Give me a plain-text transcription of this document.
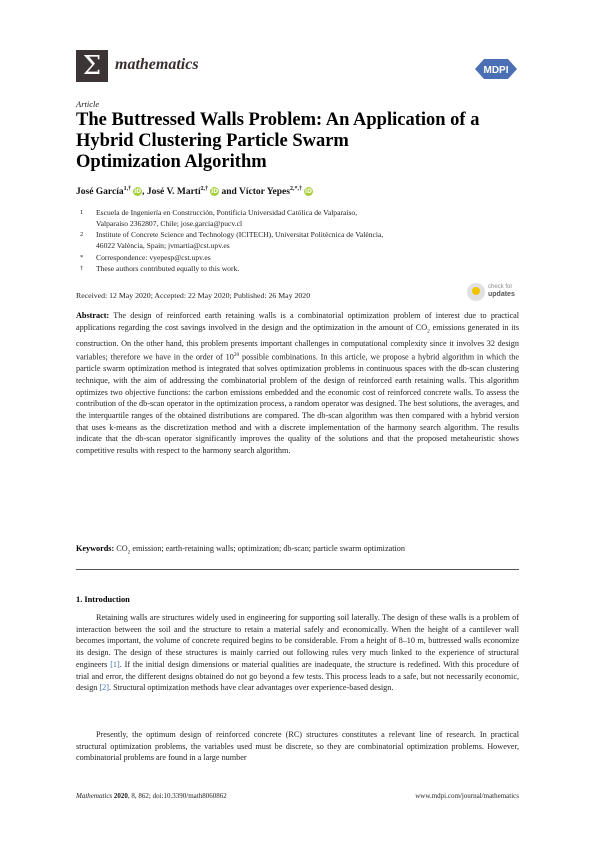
Σ mathematics	MDPI
Article
The Buttressed Walls Problem: An Application of a
Hybrid Clustering Particle Swarm
Optimization Algorithm
José García$^{1,\dagger}$ iD, José V. Martí$^{2,\dagger}$ iD and Víctor Yepes$^{2,*,\dagger}$ iD
1 Escuela de Ingeniería en Construcción, Pontificia Universidad Católica de Valparaíso,
Valparaíso 2362807, Chile; jose.garcia@pucv.cl
2 Institute of Concrete Science and Technology (ICITECH), Universitat Politècnica de València,
46022 València, Spain; jvmartia@cst.upv.es
* Correspondence: vyepesp@cst.upv.es
† These authors contributed equally to this work.
Received: 12 May 2020; Accepted: 22 May 2020; Published: 26 May 2020
check for
updates
Abstract: The design of reinforced earth retaining walls is a combinatorial optimization problem of interest due to practical applications regarding the cost savings involved in the design and the optimization in the amount of $CO_2$ emissions generated in its construction. On the other hand, this problem presents important challenges in computational complexity since it involves 32 design variables; therefore we have in the order of $10^{20}$ possible combinations. In this article, we propose a hybrid algorithm in which the particle swarm optimization method is integrated that solves optimization problems in continuous spaces with the db-scan clustering technique, with the aim of addressing the combinatorial problem of the design of reinforced earth retaining walls. This algorithm optimizes two objective functions: the carbon emissions embedded and the economic cost of reinforced concrete walls. To assess the contribution of the db-scan operator in the optimization process, a random operator was designed. The best solutions, the averages, and the interquartile ranges of the obtained distributions are compared. The db-scan algorithm was then compared with a hybrid version that uses k-means as the discretization method and with a discrete implementation of the harmony search algorithm. The results indicate that the db-scan operator significantly improves the quality of the solutions and that the proposed metaheuristic shows competitive results with respect to the harmony search algorithm.
Keywords: $CO_2$ emission; earth-retaining walls; optimization; db-scan; particle swarm optimization
1. Introduction
Retaining walls are structures widely used in engineering for supporting soil laterally. The design of these walls is a problem of interaction between the soil and the structure to retain a material safely and economically. When the height of a cantilever wall becomes important, the volume of concrete required begins to be considerable. From a height of 8–10 m, buttressed walls economize its design. The design of these structures is mainly carried out following rules very much linked to the experience of structural engineers [1]. If the initial design dimensions or material qualities are inadequate, the structure is redefined. With this procedure of trial and error, the different designs obtained do not go beyond a few tests. This process leads to a safe, but not necessarily economic, design [2]. Structural optimization methods have clear advantages over experience-based design.
Presently, the optimum design of reinforced concrete (RC) structures constitutes a relevant line of research. In practical structural optimization problems, the variables used must be discrete, so they are combinatorial optimization problems. However, combinatorial problems are found in a large number
Mathematics 2020, 8, 862; doi:10.3390/math8060862	www.mdpi.com/journal/mathematics
